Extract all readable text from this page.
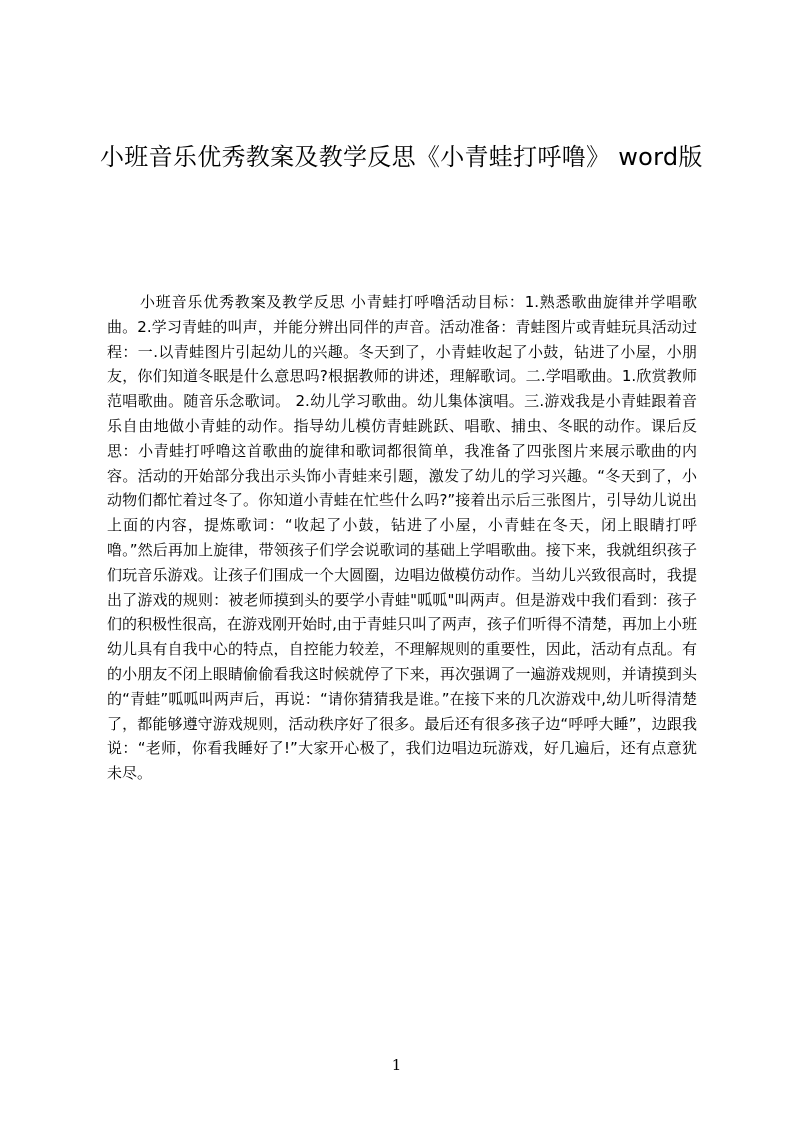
小班音乐优秀教案及教学反思《小青蛙打呼噜》 word版

小班音乐优秀教案及教学反思 小青蛙打呼噜活动目标：1.熟悉歌曲旋律并学唱歌曲。2.学习青蛙的叫声，并能分辨出同伴的声音。活动准备：青蛙图片或青蛙玩具活动过程：一.以青蛙图片引起幼儿的兴趣。冬天到了，小青蛙收起了小鼓，钻进了小屋，小朋友，你们知道冬眠是什么意思吗?根据教师的讲述，理解歌词。二.学唱歌曲。1.欣赏教师范唱歌曲。随音乐念歌词。 2.幼儿学习歌曲。幼儿集体演唱。三.游戏我是小青蛙跟着音乐自由地做小青蛙的动作。指导幼儿模仿青蛙跳跃、唱歌、捕虫、冬眠的动作。课后反思：小青蛙打呼噜这首歌曲的旋律和歌词都很简单，我准备了四张图片来展示歌曲的内容。活动的开始部分我出示头饰小青蛙来引题，激发了幼儿的学习兴趣。“冬天到了，小动物们都忙着过冬了。你知道小青蛙在忙些什么吗?”接着出示后三张图片，引导幼儿说出上面的内容，提炼歌词：“收起了小鼓，钻进了小屋，小青蛙在冬天，闭上眼睛打呼噜。”然后再加上旋律，带领孩子们学会说歌词的基础上学唱歌曲。接下来，我就组织孩子们玩音乐游戏。让孩子们围成一个大圆圈，边唱边做模仿动作。当幼儿兴致很高时，我提出了游戏的规则：被老师摸到头的要学小青蛙"呱呱"叫两声。但是游戏中我们看到：孩子们的积极性很高，在游戏刚开始时,由于青蛙只叫了两声，孩子们听得不清楚，再加上小班幼儿具有自我中心的特点，自控能力较差，不理解规则的重要性，因此，活动有点乱。有的小朋友不闭上眼睛偷偷看我这时候就停了下来，再次强调了一遍游戏规则，并请摸到头的“青蛙”呱呱叫两声后，再说：“请你猜猜我是谁。”在接下来的几次游戏中,幼儿听得清楚了，都能够遵守游戏规则，活动秩序好了很多。最后还有很多孩子边“呼呼大睡”，边跟我说：“老师，你看我睡好了!”大家开心极了，我们边唱边玩游戏，好几遍后，还有点意犹未尽。

1
